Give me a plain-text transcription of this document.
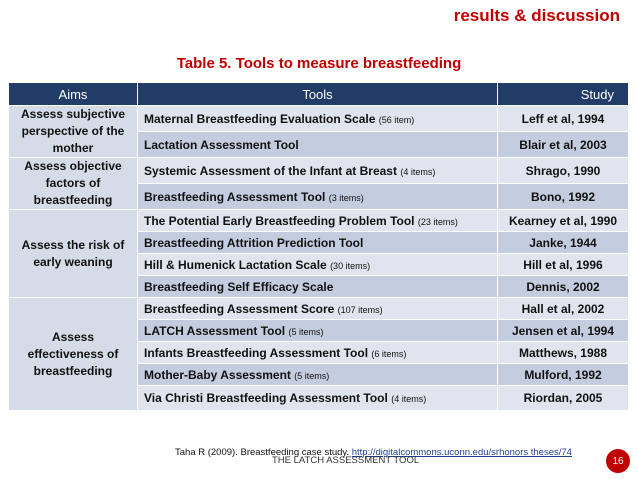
results & discussion
Table 5. Tools to measure breastfeeding
Aims	Tools	Study
Assess subjective perspective of the mother	Maternal Breastfeeding Evaluation Scale (56 item)	Leff et al, 1994
	Lactation Assessment Tool	Blair et al, 2003
Assess objective factors of breastfeeding	Systemic Assessment of the Infant at Breast (4 items)	Shrago, 1990
	Breastfeeding Assessment Tool (3 items)	Bono, 1992
Assess the risk of early weaning	The Potential Early Breastfeeding Problem Tool (23 items)	Kearney et al, 1990
	Breastfeeding Attrition Prediction Tool	Janke, 1944
	Hill & Humenick Lactation Scale (30 items)	Hill et al, 1996
	Breastfeeding Self Efficacy Scale	Dennis, 2002
Assess effectiveness of breastfeeding	Breastfeeding Assessment Score (107 items)	Hall et al, 2002
	LATCH Assessment Tool (5 items)	Jensen et al, 1994
	Infants Breastfeeding Assessment Tool (6 items)	Matthews, 1988
	Mother-Baby Assessment (5 items)	Mulford, 1992
	Via Christi Breastfeeding Assessment Tool (4 items)	Riordan, 2005
Taha R (2009). Breastfeeding case study. http://digitalcommons.uconn.edu/srhonors theses/74
THE LATCH ASSESSMENT TOOL	16
